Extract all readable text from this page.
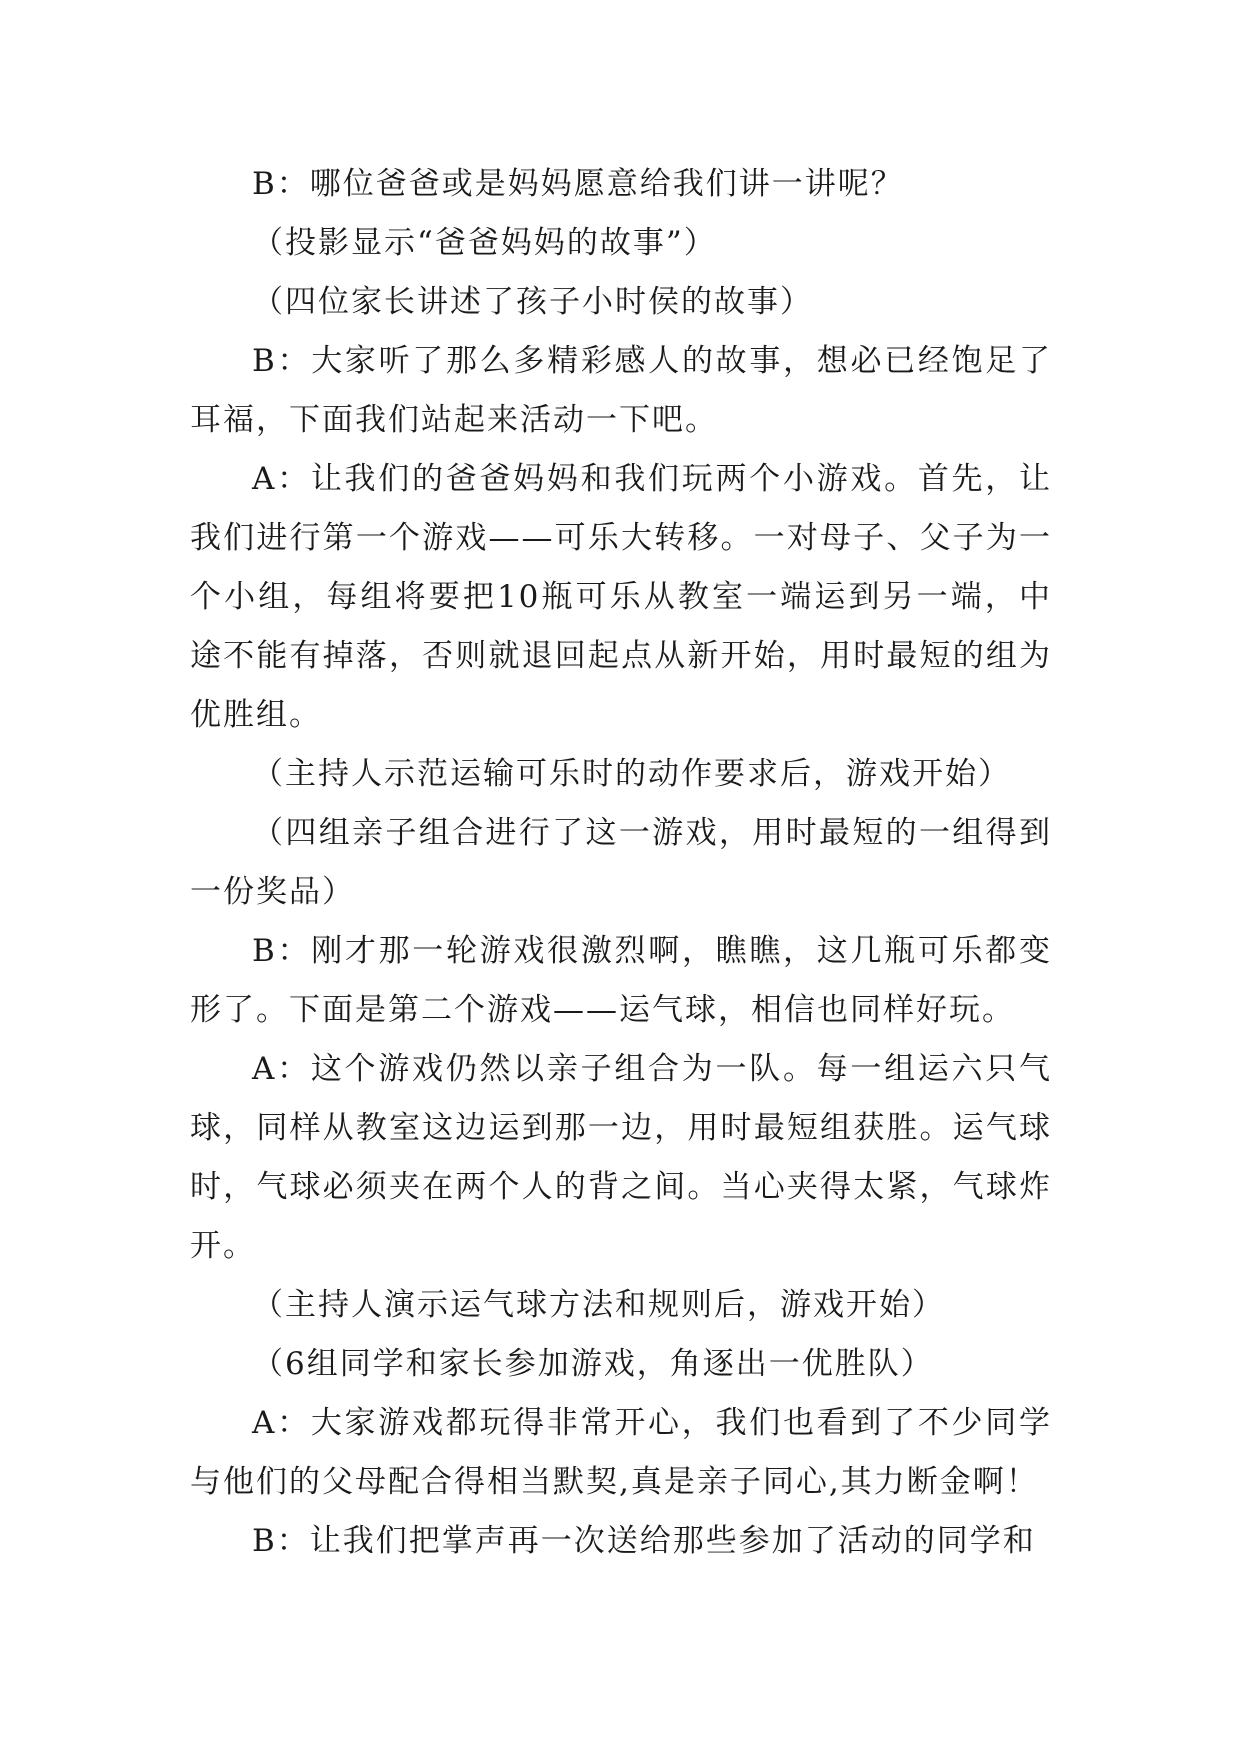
B：哪位爸爸或是妈妈愿意给我们讲一讲呢？

（投影显示“爸爸妈妈的故事”）

（四位家长讲述了孩子小时侯的故事）

B：大家听了那么多精彩感人的故事，想必已经饱足了耳福，下面我们站起来活动一下吧。

A：让我们的爸爸妈妈和我们玩两个小游戏。首先，让我们进行第一个游戏——可乐大转移。一对母子、父子为一个小组，每组将要把10瓶可乐从教室一端运到另一端，中途不能有掉落，否则就退回起点从新开始，用时最短的组为优胜组。

（主持人示范运输可乐时的动作要求后，游戏开始）

（四组亲子组合进行了这一游戏，用时最短的一组得到一份奖品）

B：刚才那一轮游戏很激烈啊，瞧瞧，这几瓶可乐都变形了。下面是第二个游戏——运气球，相信也同样好玩。

A：这个游戏仍然以亲子组合为一队。每一组运六只气球，同样从教室这边运到那一边，用时最短组获胜。运气球时，气球必须夹在两个人的背之间。当心夹得太紧，气球炸开。

（主持人演示运气球方法和规则后，游戏开始）

（6组同学和家长参加游戏，角逐出一优胜队）

A：大家游戏都玩得非常开心，我们也看到了不少同学与他们的父母配合得相当默契,真是亲子同心,其力断金啊！

B：让我们把掌声再一次送给那些参加了活动的同学和
